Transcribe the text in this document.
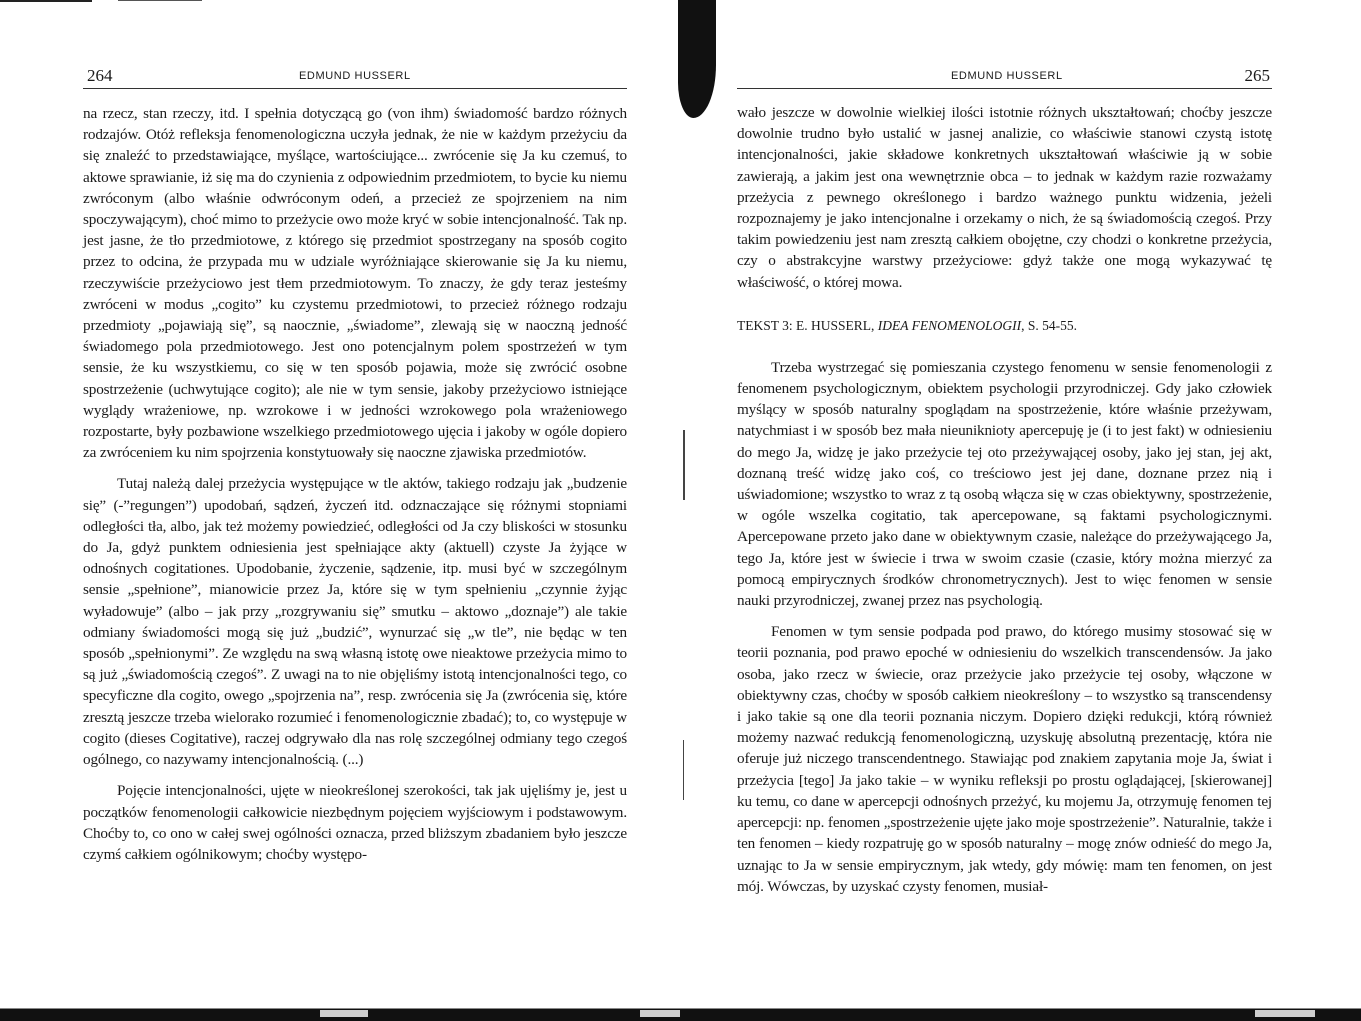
264	EDMUND HUSSERL

na rzecz, stan rzeczy, itd. I spełnia dotyczącą go (von ihm) świadomość bardzo różnych rodzajów. Otóż refleksja fenomenologiczna uczyła jednak, że nie w każdym przeżyciu da się znaleźć to przedstawiające, myślące, wartościujące... zwrócenie się Ja ku czemuś, to aktowe sprawianie, iż się ma do czynienia z odpowiednim przedmiotem, to bycie ku niemu zwróconym (albo właśnie odwróconym odeń, a przecież ze spojrzeniem na nim spoczywającym), choć mimo to przeżycie owo może kryć w sobie intencjonalność. Tak np. jest jasne, że tło przedmiotowe, z którego się przedmiot spostrzegany na sposób cogito przez to odcina, że przypada mu w udziale wyróżniające skierowanie się Ja ku niemu, rzeczywiście przeżyciowo jest tłem przedmiotowym. To znaczy, że gdy teraz jesteśmy zwróceni w modus „cogito” ku czystemu przedmiotowi, to przecież różnego rodzaju przedmioty „pojawiają się”, są naocznie, „świadome”, zlewają się w naoczną jedność świadomego pola przedmiotowego. Jest ono potencjalnym polem spostrzeżeń w tym sensie, że ku wszystkiemu, co się w ten sposób pojawia, może się zwrócić osobne spostrzeżenie (uchwytujące cogito); ale nie w tym sensie, jakoby przeżyciowo istniejące wyglądy wrażeniowe, np. wzrokowe i w jedności wzrokowego pola wrażeniowego rozpostarte, były pozbawione wszelkiego przedmiotowego ujęcia i jakoby w ogóle dopiero za zwróceniem ku nim spojrzenia konstytuowały się naoczne zjawiska przedmiotów.

Tutaj należą dalej przeżycia występujące w tle aktów, takiego rodzaju jak „budzenie się” (-”regungen”) upodobań, sądzeń, życzeń itd. odznaczające się różnymi stopniami odległości tła, albo, jak też możemy powiedzieć, odległości od Ja czy bliskości w stosunku do Ja, gdyż punktem odniesienia jest spełniające akty (aktuell) czyste Ja żyjące w odnośnych cogitationes. Upodobanie, życzenie, sądzenie, itp. musi być w szczególnym sensie „spełnione”, mianowicie przez Ja, które się w tym spełnieniu „czynnie żyjąc wyładowuje” (albo – jak przy „rozgrywaniu się” smutku – aktowo „doznaje”) ale takie odmiany świadomości mogą się już „budzić”, wynurzać się „w tle”, nie będąc w ten sposób „spełnionymi”. Ze względu na swą własną istotę owe nieaktowe przeżycia mimo to są już „świadomością czegoś”. Z uwagi na to nie objęliśmy istotą intencjonalności tego, co specyficzne dla cogito, owego „spojrzenia na”, resp. zwrócenia się Ja (zwrócenia się, które zresztą jeszcze trzeba wielorako rozumieć i fenomenologicznie zbadać); to, co występuje w cogito (dieses Cogitative), raczej odgrywało dla nas rolę szczególnej odmiany tego czegoś ogólnego, co nazywamy intencjonalnością. (...)

Pojęcie intencjonalności, ujęte w nieokreślonej szerokości, tak jak ujęliśmy je, jest u początków fenomenologii całkowicie niezbędnym pojęciem wyjściowym i podstawowym. Choćby to, co ono w całej swej ogólności oznacza, przed bliższym zbadaniem było jeszcze czymś całkiem ogólnikowym; choćby występo-

EDMUND HUSSERL	265

wało jeszcze w dowolnie wielkiej ilości istotnie różnych ukształtowań; choćby jeszcze dowolnie trudno było ustalić w jasnej analizie, co właściwie stanowi czystą istotę intencjonalności, jakie składowe konkretnych ukształtowań właściwie ją w sobie zawierają, a jakim jest ona wewnętrznie obca – to jednak w każdym razie rozważamy przeżycia z pewnego określonego i bardzo ważnego punktu widzenia, jeżeli rozpoznajemy je jako intencjonalne i orzekamy o nich, że są świadomością czegoś. Przy takim powiedzeniu jest nam zresztą całkiem obojętne, czy chodzi o konkretne przeżycia, czy o abstrakcyjne warstwy przeżyciowe: gdyż także one mogą wykazywać tę właściwość, o której mowa.

TEKST 3: E. HUSSERL, IDEA FENOMENOLOGII, S. 54-55.

Trzeba wystrzegać się pomieszania czystego fenomenu w sensie fenomenologii z fenomenem psychologicznym, obiektem psychologii przyrodniczej. Gdy jako człowiek myślący w sposób naturalny spoglądam na spostrzeżenie, które właśnie przeżywam, natychmiast i w sposób bez mała nieuniknioty apercepuję je (i to jest fakt) w odniesieniu do mego Ja, widzę je jako przeżycie tej oto przeżywającej osoby, jako jej stan, jej akt, doznaną treść widzę jako coś, co treściowo jest jej dane, doznane przez nią i uświadomione; wszystko to wraz z tą osobą włącza się w czas obiektywny, spostrzeżenie, w ogóle wszelka cogitatio, tak apercepowane, są faktami psychologicznymi. Apercepowane przeto jako dane w obiektywnym czasie, należące do przeżywającego Ja, tego Ja, które jest w świecie i trwa w swoim czasie (czasie, który można mierzyć za pomocą empirycznych środków chronometrycznych). Jest to więc fenomen w sensie nauki przyrodniczej, zwanej przez nas psychologią.

Fenomen w tym sensie podpada pod prawo, do którego musimy stosować się w teorii poznania, pod prawo epoché w odniesieniu do wszelkich transcendensów. Ja jako osoba, jako rzecz w świecie, oraz przeżycie jako przeżycie tej osoby, włączone w obiektywny czas, choćby w sposób całkiem nieokreślony – to wszystko są transcendensy i jako takie są one dla teorii poznania niczym. Dopiero dzięki redukcji, którą również możemy nazwać redukcją fenomenologiczną, uzyskuję absolutną prezentację, która nie oferuje już niczego transcendentnego. Stawiając pod znakiem zapytania moje Ja, świat i przeżycia [tego] Ja jako takie – w wyniku refleksji po prostu oglądającej, [skierowanej] ku temu, co dane w apercepcji odnośnych przeżyć, ku mojemu Ja, otrzymuję fenomen tej apercepcji: np. fenomen „spostrzeżenie ujęte jako moje spostrzeżenie”. Naturalnie, także i ten fenomen – kiedy rozpatruję go w sposób naturalny – mogę znów odnieść do mego Ja, uznając to Ja w sensie empirycznym, jak wtedy, gdy mówię: mam ten fenomen, on jest mój. Wówczas, by uzyskać czysty fenomen, musiał-
